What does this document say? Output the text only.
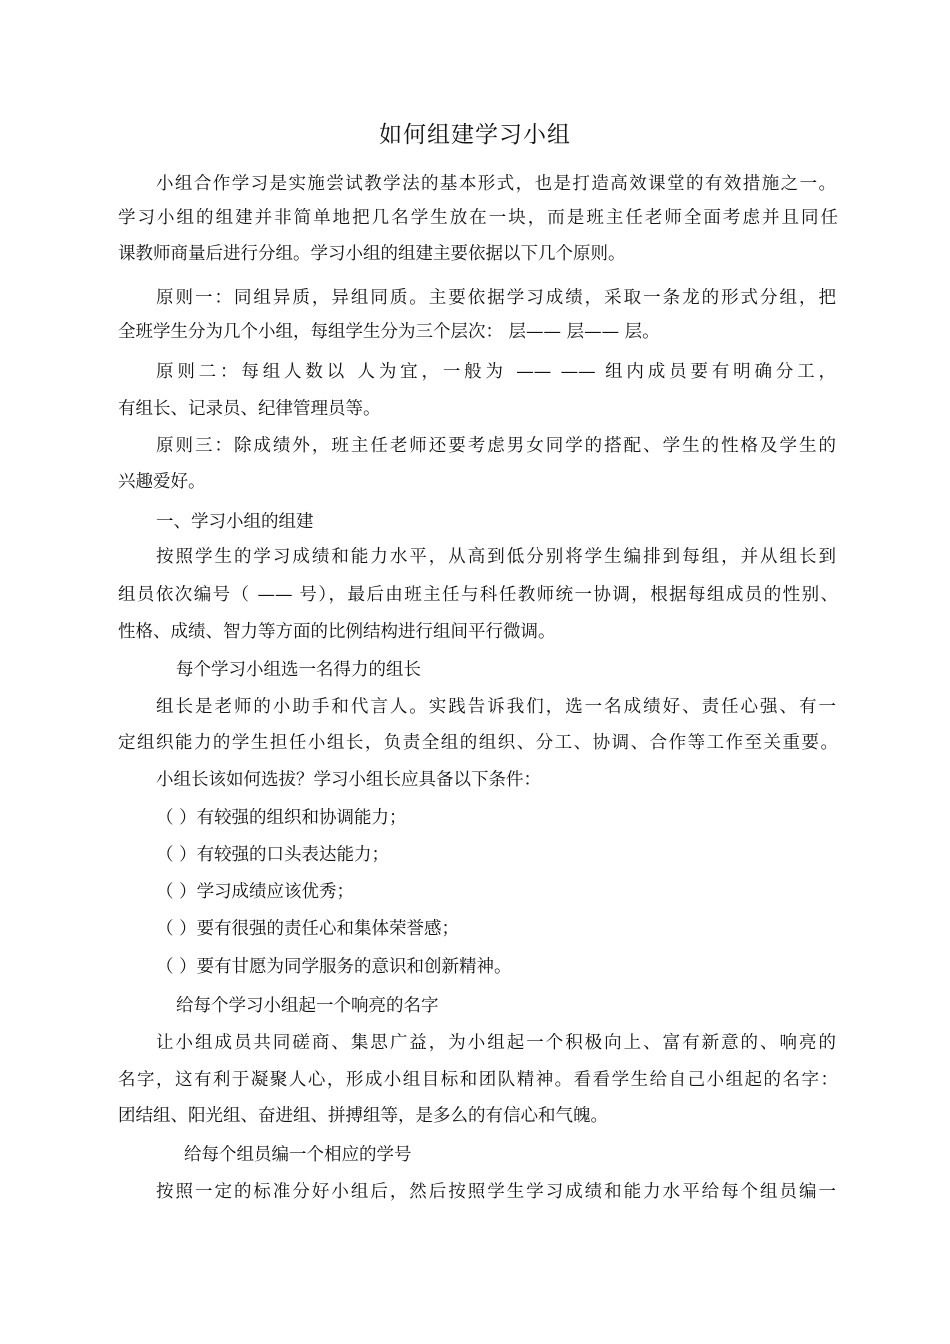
如何组建学习小组
小组合作学习是实施尝试教学法的基本形式，也是打造高效课堂的有效措施之一。
学习小组的组建并非简单地把几名学生放在一块，而是班主任老师全面考虑并且同任
课教师商量后进行分组。学习小组的组建主要依据以下几个原则。
原则一：同组异质，异组同质。主要依据学习成绩，采取一条龙的形式分组，把
全班学生分为几个小组，每组学生分为三个层次： 层—— 层—— 层。
原则二：每组人数以 人为宜，一般为 —— —— 组内成员要有明确分工，
有组长、记录员、纪律管理员等。
原则三：除成绩外，班主任老师还要考虑男女同学的搭配、学生的性格及学生的
兴趣爱好。
一、学习小组的组建
按照学生的学习成绩和能力水平，从高到低分别将学生编排到每组，并从组长到
组员依次编号（ —— 号），最后由班主任与科任教师统一协调，根据每组成员的性别、
性格、成绩、智力等方面的比例结构进行组间平行微调。
每个学习小组选一名得力的组长
组长是老师的小助手和代言人。实践告诉我们，选一名成绩好、责任心强、有一
定组织能力的学生担任小组长，负责全组的组织、分工、协调、合作等工作至关重要。
小组长该如何选拔？学习小组长应具备以下条件：
（ ）有较强的组织和协调能力；
（ ）有较强的口头表达能力；
（ ）学习成绩应该优秀；
（ ）要有很强的责任心和集体荣誉感；
（ ）要有甘愿为同学服务的意识和创新精神。
给每个学习小组起一个响亮的名字
让小组成员共同磋商、集思广益，为小组起一个积极向上、富有新意的、响亮的
名字，这有利于凝聚人心，形成小组目标和团队精神。看看学生给自己小组起的名字：
团结组、阳光组、奋进组、拼搏组等，是多么的有信心和气魄。
给每个组员编一个相应的学号
按照一定的标准分好小组后，然后按照学生学习成绩和能力水平给每个组员编一
